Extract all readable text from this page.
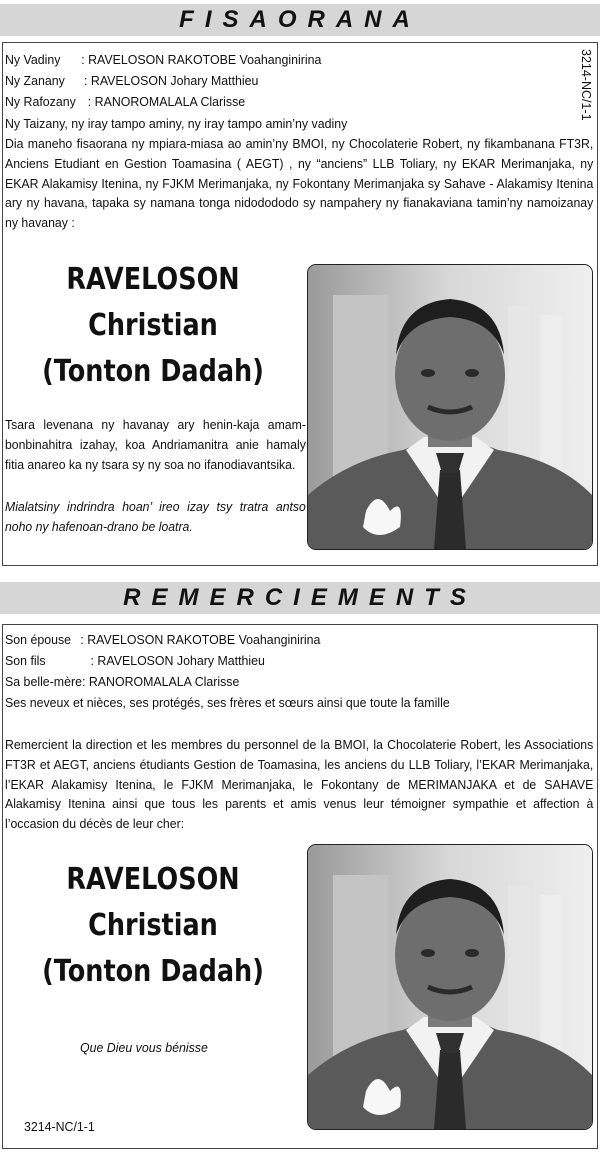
FISAORANA
Ny Vadiny : RAVELOSON RAKOTOBE Voahanginirina
Ny Zanany : RAVELOSON Johary Matthieu
Ny Rafozany : RANOROMALALA Clarisse
Ny Taizany, ny iray tampo aminy, ny iray tampo amin’ny vadiny
3214-NC/1-1
Dia maneho fisaorana ny mpiara-miasa ao amin’ny BMOI, ny Chocolaterie Robert, ny fikambanana FT3R, Anciens Etudiant en Gestion Toamasina ( AEGT) , ny “anciens” LLB Toliary, ny EKAR Merimanjaka, ny EKAR Alakamisy Itenina, ny FJKM Merimanjaka, ny Fokontany Merimanjaka sy Sahave - Alakamisy Itenina ary ny havana, tapaka sy namana tonga nidodododo sy nampahery ny fianakaviana tamin’ny namoizanay ny havanay :
RAVELOSON
Christian
(Tonton Dadah)
Tsara levenana ny havanay ary henin-kaja amam-bonbinahitra izahay, koa Andriamanitra anie hamaly fitia anareo ka ny tsara sy ny soa no ifanodiavantsika.
Mialatsiny indrindra hoan’ ireo izay tsy tratra antso noho ny hafenoan-drano be loatra.
REMERCIEMENTS
Son épouse : RAVELOSON RAKOTOBE Voahanginirina
Son fils	: RAVELOSON Johary Matthieu
Sa belle-mère: RANOROMALALA Clarisse
Ses neveux et nièces, ses protégés, ses frères et sœurs ainsi que toute la famille
Remercient la direction et les membres du personnel de la BMOI, la Chocolaterie Robert, les Associations FT3R et AEGT, anciens étudiants Gestion de Toamasina, les anciens du LLB Toliary, l’EKAR Merimanjaka, l’EKAR Alakamisy Itenina, le FJKM Merimanjaka, le Fokontany de MERIMANJAKA et de SAHAVE Alakamisy Itenina ainsi que tous les parents et amis venus leur témoigner sympathie et affection à l’occasion du décès de leur cher:
RAVELOSON
Christian
(Tonton Dadah)
Que Dieu vous bénisse
3214-NC/1-1
